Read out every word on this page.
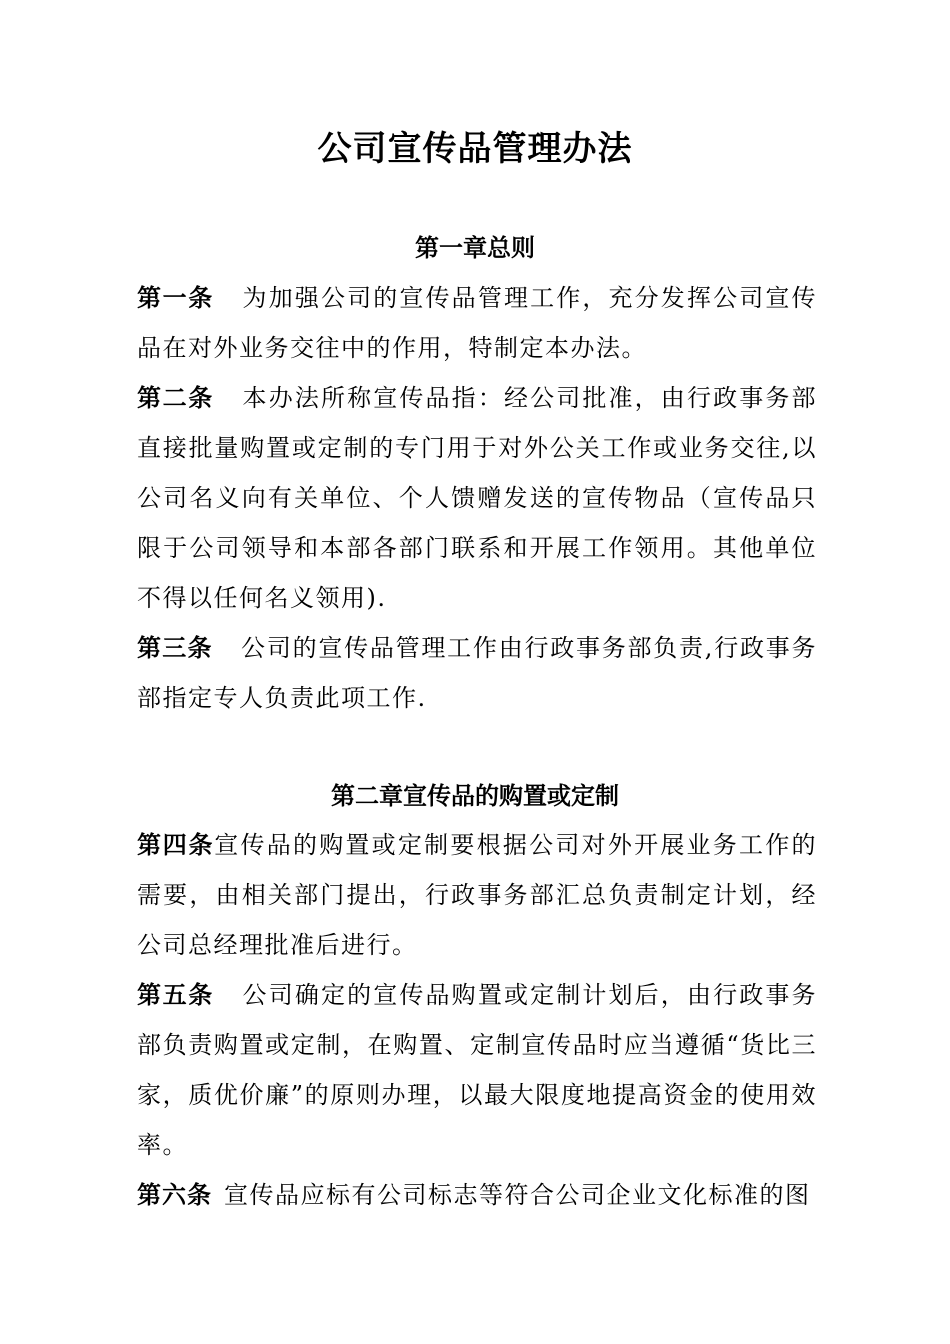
公司宣传品管理办法
第一章总则
第一条 为加强公司的宣传品管理工作，充分发挥公司宣传品在对外业务交往中的作用，特制定本办法。
第二条 本办法所称宣传品指：经公司批准，由行政事务部直接批量购置或定制的专门用于对外公关工作或业务交往,以公司名义向有关单位、个人馈赠发送的宣传物品（宣传品只限于公司领导和本部各部门联系和开展工作领用。其他单位不得以任何名义领用).
第三条 公司的宣传品管理工作由行政事务部负责,行政事务部指定专人负责此项工作.
第二章宣传品的购置或定制
第四条宣传品的购置或定制要根据公司对外开展业务工作的需要，由相关部门提出，行政事务部汇总负责制定计划，经公司总经理批准后进行。
第五条 公司确定的宣传品购置或定制计划后，由行政事务部负责购置或定制，在购置、定制宣传品时应当遵循“货比三家，质优价廉”的原则办理，以最大限度地提高资金的使用效率。
第六条 宣传品应标有公司标志等符合公司企业文化标准的图
